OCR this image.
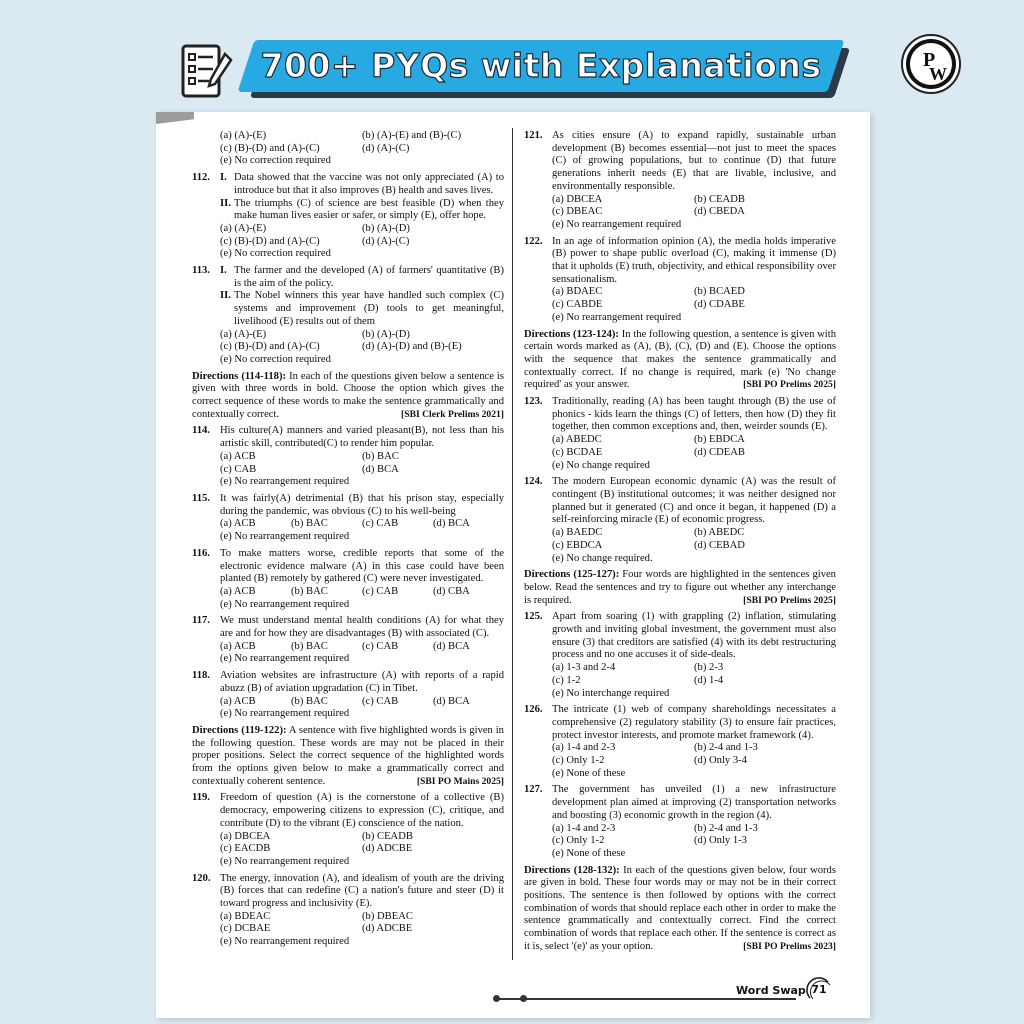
700+ PYQs with Explanations	P
W
(a) (A)-(E)	(b) (A)-(E) and (B)-(C)
(c) (B)-(D) and (A)-(C)	(d) (A)-(C)
(e) No correction required
112. I. Data showed that the vaccine was not only appreciated (A) to introduce but that it also improves (B) health and saves lives.
II. The triumphs (C) of science are best feasible (D) when they make human lives easier or safer, or simply (E), offer hope.
(a) (A)-(E)	(b) (A)-(D)
(c) (B)-(D) and (A)-(C)	(d) (A)-(C)
(e) No correction required
113. I. The farmer and the developed (A) of farmers' quantitative (B) is the aim of the policy.
II. The Nobel winners this year have handled such complex (C) systems and improvement (D) tools to get meaningful, livelihood (E) results out of them
(a) (A)-(E)	(b) (A)-(D)
(c) (B)-(D) and (A)-(C)	(d) (A)-(D) and (B)-(E)
(e) No correction required
Directions (114-118): In each of the questions given below a sentence is given with three words in bold. Choose the option which gives the correct sequence of these words to make the sentence grammatically and contextually correct.	[SBI Clerk Prelims 2021]
114. His culture(A) manners and varied pleasant(B), not less than his artistic skill, contributed(C) to render him popular.
(a) ACB	(b) BAC
(c) CAB	(d) BCA
(e) No rearrangement required
115. It was fairly(A) detrimental (B) that his prison stay, especially during the pandemic, was obvious (C) to his well-being
(a) ACB	(b) BAC	(c) CAB	(d) BCA
(e) No rearrangement required
116. To make matters worse, credible reports that some of the electronic evidence malware (A) in this case could have been planted (B) remotely by gathered (C) were never investigated.
(a) ACB	(b) BAC	(c) CAB	(d) CBA
(e) No rearrangement required
117. We must understand mental health conditions (A) for what they are and for how they are disadvantages (B) with associated (C).
(a) ACB	(b) BAC	(c) CAB	(d) BCA
(e) No rearrangement required
118. Aviation websites are infrastructure (A) with reports of a rapid abuzz (B) of aviation upgradation (C) in Tibet.
(a) ACB	(b) BAC	(c) CAB	(d) BCA
(e) No rearrangement required
Directions (119-122): A sentence with five highlighted words is given in the following question. These words are may not be placed in their proper positions. Select the correct sequence of the highlighted words from the options given below to make a grammatically correct and contextually coherent sentence.	[SBI PO Mains 2025]
119. Freedom of question (A) is the cornerstone of a collective (B) democracy, empowering citizens to expression (C), critique, and contribute (D) to the vibrant (E) conscience of the nation.
(a) DBCEA	(b) CEADB
(c) EACDB	(d) ADCBE
(e) No rearrangement required
120. The energy, innovation (A), and idealism of youth are the driving (B) forces that can redefine (C) a nation's future and steer (D) it toward progress and inclusivity (E).
(a) BDEAC	(b) DBEAC
(c) DCBAE	(d) ADCBE
(e) No rearrangement required
121. As cities ensure (A) to expand rapidly, sustainable urban development (B) becomes essential—not just to meet the spaces (C) of growing populations, but to continue (D) that future generations inherit needs (E) that are livable, inclusive, and environmentally responsible.
(a) DBCEA	(b) CEADB
(c) DBEAC	(d) CBEDA
(e) No rearrangement required
122. In an age of information opinion (A), the media holds imperative (B) power to shape public overload (C), making it immense (D) that it upholds (E) truth, objectivity, and ethical responsibility over sensationalism.
(a) BDAEC	(b) BCAED
(c) CABDE	(d) CDABE
(e) No rearrangement required
Directions (123-124): In the following question, a sentence is given with certain words marked as (A), (B), (C), (D) and (E). Choose the options with the sequence that makes the sentence grammatically and contextually correct. If no change is required, mark (e) 'No change required' as your answer.	[SBI PO Prelims 2025]
123. Traditionally, reading (A) has been taught through (B) the use of phonics - kids learn the things (C) of letters, then how (D) they fit together, then common exceptions and, then, weirder sounds (E).
(a) ABEDC	(b) EBDCA
(c) BCDAE	(d) CDEAB
(e) No change required
124. The modern European economic dynamic (A) was the result of contingent (B) institutional outcomes; it was neither designed nor planned but it generated (C) and once it began, it happened (D) a self-reinforcing miracle (E) of economic progress.
(a) BAEDC	(b) ABEDC
(c) EBDCA	(d) CEBAD
(e) No change required.
Directions (125-127): Four words are highlighted in the sentences given below. Read the sentences and try to figure out whether any interchange is required.	[SBI PO Prelims 2025]
125. Apart from soaring (1) with grappling (2) inflation, stimulating growth and inviting global investment, the government must also ensure (3) that creditors are satisfied (4) with its debt restructuring process and no one accuses it of side-deals.
(a) 1-3 and 2-4	(b) 2-3
(c) 1-2	(d) 1-4
(e) No interchange required
126. The intricate (1) web of company shareholdings necessitates a comprehensive (2) regulatory stability (3) to ensure fair practices, protect investor interests, and promote market framework (4).
(a) 1-4 and 2-3	(b) 2-4 and 1-3
(c) Only 1-2	(d) Only 3-4
(e) None of these
127. The government has unveiled (1) a new infrastructure development plan aimed at improving (2) transportation networks and boosting (3) economic growth in the region (4).
(a) 1-4 and 2-3	(b) 2-4 and 1-3
(c) Only 1-2	(d) Only 1-3
(e) None of these
Directions (128-132): In each of the questions given below, four words are given in bold. These four words may or may not be in their correct positions. The sentence is then followed by options with the correct combination of words that should replace each other in order to make the sentence grammatically and contextually correct. Find the correct combination of words that replace each other. If the sentence is correct as it is, select '(e)' as your option.	[SBI PO Prelims 2023]
Word Swap 71
